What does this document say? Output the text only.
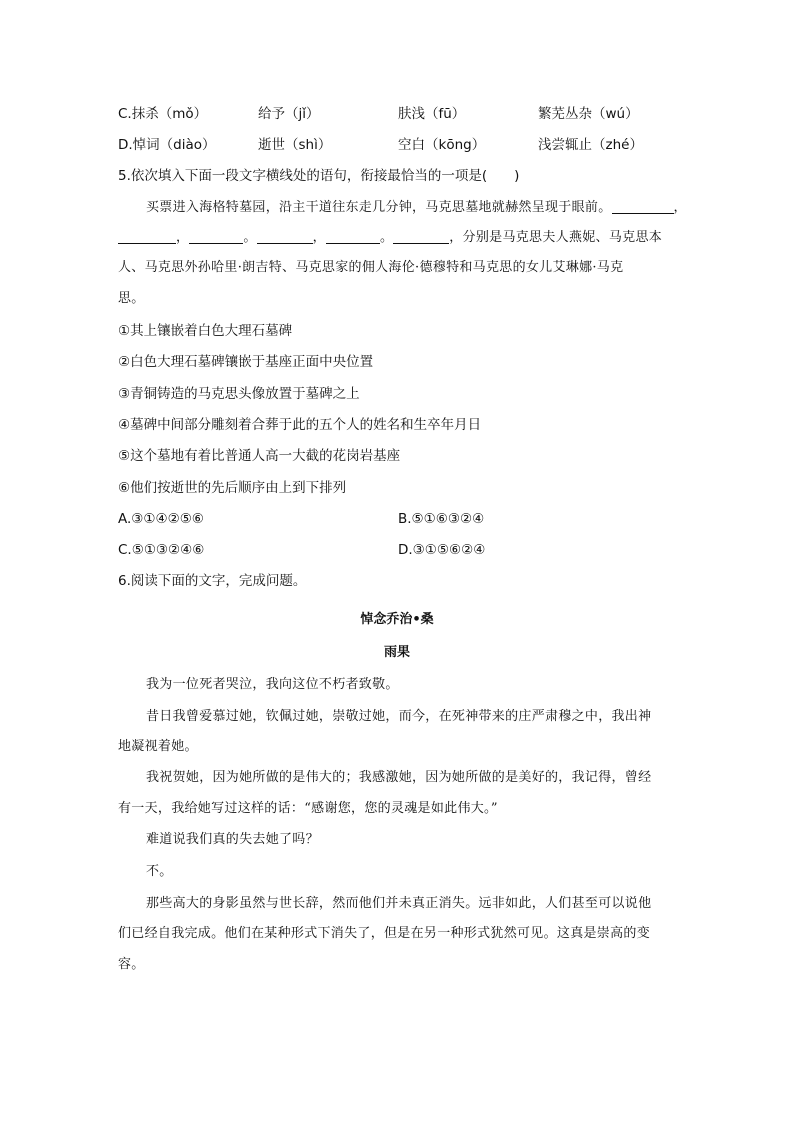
C.抹杀（mǒ）	给予（jǐ）	肤浅（fū）	繁芜丛杂（wú）
D.悼词（diào）	逝世（shì）	空白（kōng）	浅尝辄止（zhé）
5.依次填入下面一段文字横线处的语句，衔接最恰当的一项是(　　)
买票进入海格特墓园，沿主干道往东走几分钟，马克思墓地就赫然呈现于眼前。	，
，	。	，	。	，分别是马克思夫人燕妮、马克思本
人、马克思外孙哈里·朗吉特、马克思家的佣人海伦·德穆特和马克思的女儿艾琳娜·马克
思。
①其上镶嵌着白色大理石墓碑
②白色大理石墓碑镶嵌于基座正面中央位置
③青铜铸造的马克思头像放置于墓碑之上
④墓碑中间部分雕刻着合葬于此的五个人的姓名和生卒年月日
⑤这个墓地有着比普通人高一大截的花岗岩基座
⑥他们按逝世的先后顺序由上到下排列
A.③①④②⑤⑥	B.⑤①⑥③②④
C.⑤①③②④⑥	D.③①⑤⑥②④
6.阅读下面的文字，完成问题。
悼念乔治•桑
雨果
我为一位死者哭泣，我向这位不朽者致敬。
昔日我曾爱慕过她，钦佩过她，崇敬过她，而今，在死神带来的庄严肃穆之中，我出神
地凝视着她。
我祝贺她，因为她所做的是伟大的；我感激她，因为她所做的是美好的，我记得，曾经
有一天，我给她写过这样的话：“感谢您，您的灵魂是如此伟大。”
难道说我们真的失去她了吗？
不。
那些高大的身影虽然与世长辞，然而他们并未真正消失。远非如此，人们甚至可以说他
们已经自我完成。他们在某种形式下消失了，但是在另一种形式犹然可见。这真是崇高的变
容。
